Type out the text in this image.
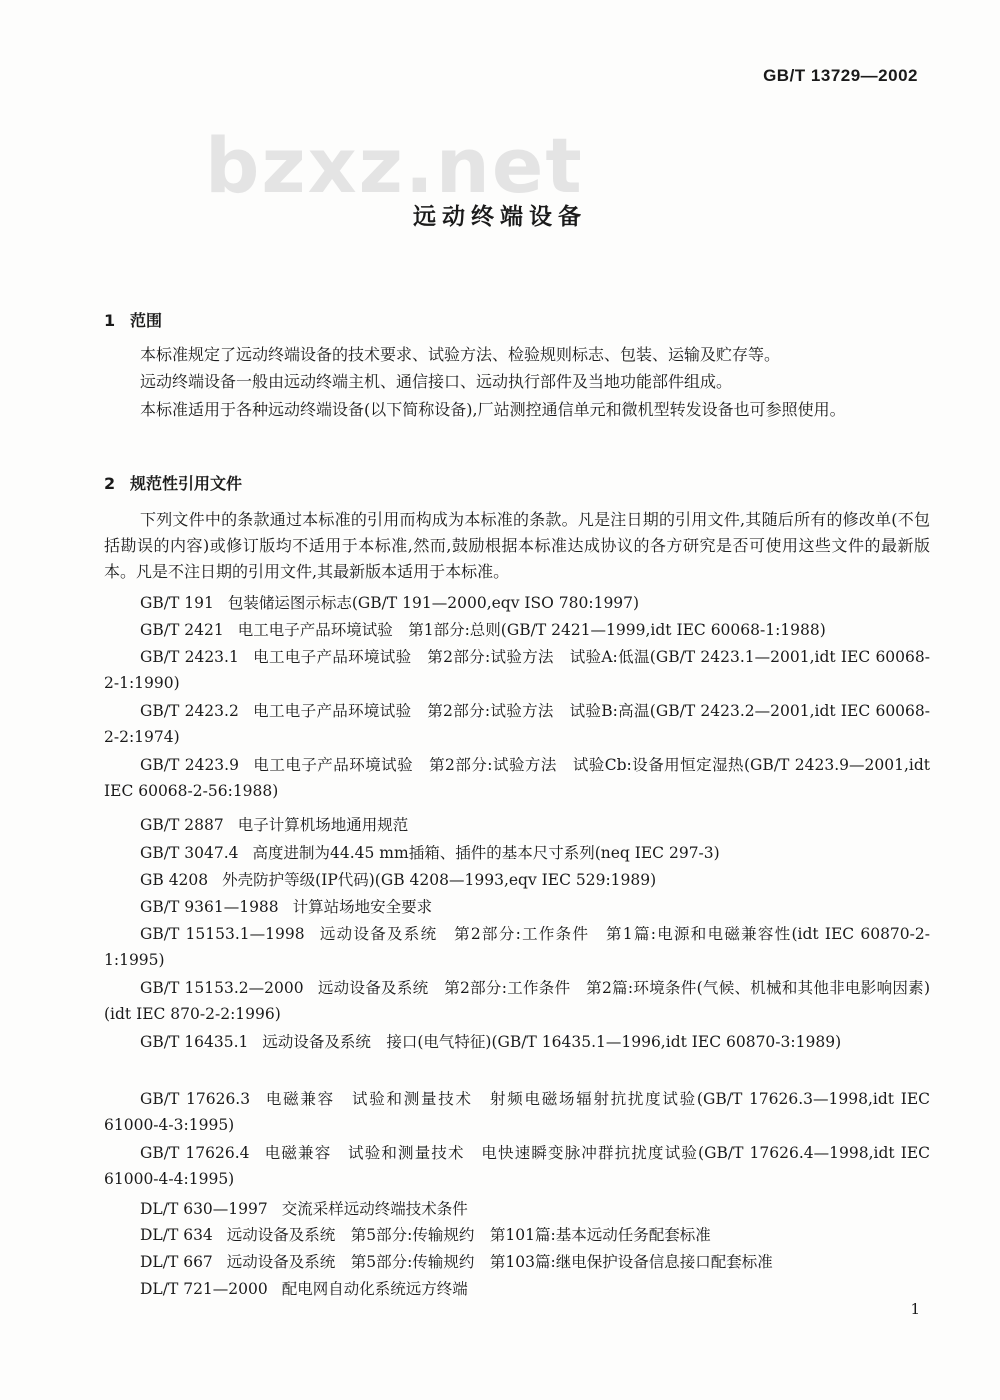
GB/T 13729—2002
bzxz.net
远动终端设备
1 范围
本标准规定了远动终端设备的技术要求、试验方法、检验规则标志、包装、运输及贮存等。
远动终端设备一般由远动终端主机、通信接口、远动执行部件及当地功能部件组成。
本标准适用于各种远动终端设备(以下简称设备),厂站测控通信单元和微机型转发设备也可参照使用。
2 规范性引用文件
下列文件中的条款通过本标准的引用而构成为本标准的条款。凡是注日期的引用文件,其随后所有的修改单(不包括勘误的内容)或修订版均不适用于本标准,然而,鼓励根据本标准达成协议的各方研究是否可使用这些文件的最新版本。凡是不注日期的引用文件,其最新版本适用于本标准。
GB/T 191 包装储运图示标志(GB/T 191—2000,eqv ISO 780:1997)
GB/T 2421 电工电子产品环境试验　第1部分:总则(GB/T 2421—1999,idt IEC 60068-1:1988)
GB/T 2423.1 电工电子产品环境试验　第2部分:试验方法　试验A:低温(GB/T 2423.1—2001,idt IEC 60068-2-1:1990)
GB/T 2423.2 电工电子产品环境试验　第2部分:试验方法　试验B:高温(GB/T 2423.2—2001,idt IEC 60068-2-2:1974)
GB/T 2423.9 电工电子产品环境试验　第2部分:试验方法　试验Cb:设备用恒定湿热(GB/T 2423.9—2001,idt IEC 60068-2-56:1988)
GB/T 2887 电子计算机场地通用规范
GB/T 3047.4 高度进制为44.45 mm插箱、插件的基本尺寸系列(neq IEC 297-3)
GB 4208 外壳防护等级(IP代码)(GB 4208—1993,eqv IEC 529:1989)
GB/T 9361—1988 计算站场地安全要求
GB/T 15153.1—1998 远动设备及系统　第2部分:工作条件　第1篇:电源和电磁兼容性(idt IEC 60870-2-1:1995)
GB/T 15153.2—2000 远动设备及系统　第2部分:工作条件　第2篇:环境条件(气候、机械和其他非电影响因素)(idt IEC 870-2-2:1996)
GB/T 16435.1 远动设备及系统　接口(电气特征)(GB/T 16435.1—1996,idt IEC 60870-3:1989)
GB/T 17626.3 电磁兼容　试验和测量技术　射频电磁场辐射抗扰度试验(GB/T 17626.3—1998,idt IEC 61000-4-3:1995)
GB/T 17626.4 电磁兼容　试验和测量技术　电快速瞬变脉冲群抗扰度试验(GB/T 17626.4—1998,idt IEC 61000-4-4:1995)
DL/T 630—1997 交流采样远动终端技术条件
DL/T 634 远动设备及系统　第5部分:传输规约　第101篇:基本远动任务配套标准
DL/T 667 远动设备及系统　第5部分:传输规约　第103篇:继电保护设备信息接口配套标准
DL/T 721—2000 配电网自动化系统远方终端
1
